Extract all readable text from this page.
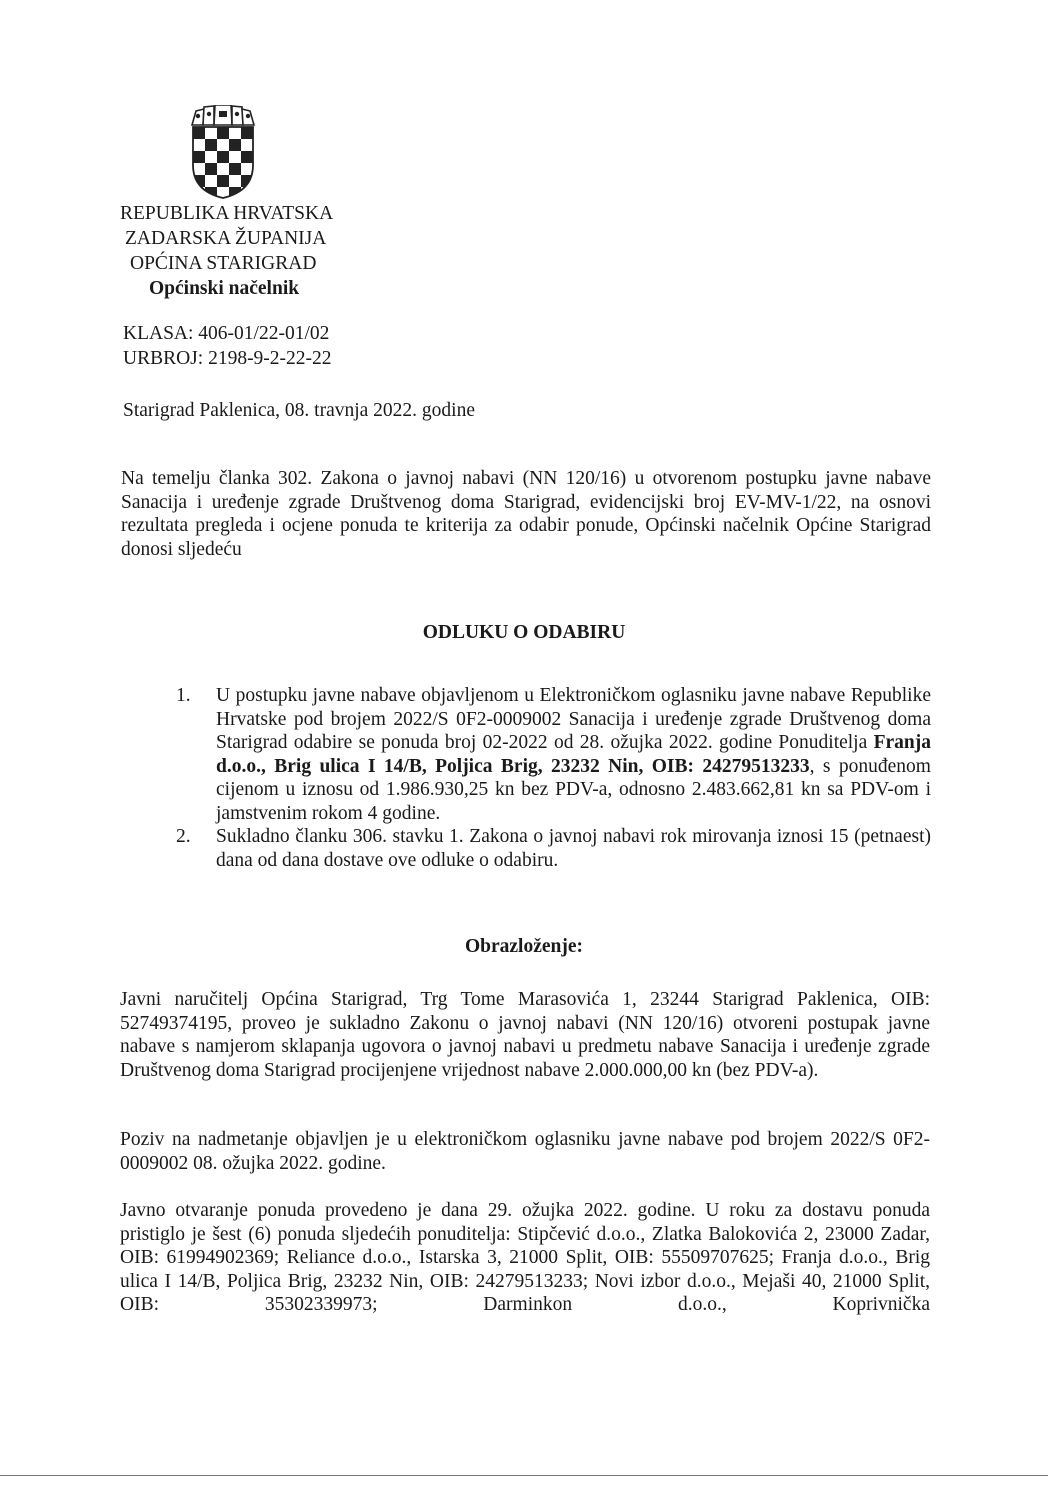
REPUBLIKA HRVATSKA
ZADARSKA ŽUPANIJA
OPĆINA STARIGRAD
Općinski načelnik
KLASA: 406-01/22-01/02
URBROJ: 2198-9-2-22-22
Starigrad Paklenica, 08. travnja 2022. godine
Na temelju članka 302. Zakona o javnoj nabavi (NN 120/16) u otvorenom postupku javne nabave Sanacija i uređenje zgrade Društvenog doma Starigrad, evidencijski broj EV-MV-1/22, na osnovi rezultata pregleda i ocjene ponuda te kriterija za odabir ponude, Općinski načelnik Općine Starigrad donosi sljedeću
ODLUKU O ODABIRU
1. U postupku javne nabave objavljenom u Elektroničkom oglasniku javne nabave Republike Hrvatske pod brojem 2022/S 0F2-0009002 Sanacija i uređenje zgrade Društvenog doma Starigrad odabire se ponuda broj 02-2022 od 28. ožujka 2022. godine Ponuditelja Franja d.o.o., Brig ulica I 14/B, Poljica Brig, 23232 Nin, OIB: 24279513233, s ponuđenom cijenom u iznosu od 1.986.930,25 kn bez PDV-a, odnosno 2.483.662,81 kn sa PDV-om i jamstvenim rokom 4 godine.
2. Sukladno članku 306. stavku 1. Zakona o javnoj nabavi rok mirovanja iznosi 15 (petnaest) dana od dana dostave ove odluke o odabiru.
Obrazloženje:
Javni naručitelj Općina Starigrad, Trg Tome Marasovića 1, 23244 Starigrad Paklenica, OIB: 52749374195, proveo je sukladno Zakonu o javnoj nabavi (NN 120/16) otvoreni postupak javne nabave s namjerom sklapanja ugovora o javnoj nabavi u predmetu nabave Sanacija i uređenje zgrade Društvenog doma Starigrad procijenjene vrijednost nabave 2.000.000,00 kn (bez PDV-a).
Poziv na nadmetanje objavljen je u elektroničkom oglasniku javne nabave pod brojem 2022/S 0F2-0009002 08. ožujka 2022. godine.
Javno otvaranje ponuda provedeno je dana 29. ožujka 2022. godine. U roku za dostavu ponuda pristiglo je šest (6) ponuda sljedećih ponuditelja: Stipčević d.o.o., Zlatka Balokovića 2, 23000 Zadar, OIB: 61994902369; Reliance d.o.o., Istarska 3, 21000 Split, OIB: 55509707625; Franja d.o.o., Brig ulica I 14/B, Poljica Brig, 23232 Nin, OIB: 24279513233; Novi izbor d.o.o., Mejaši 40, 21000 Split, OIB: 35302339973; Darminkon d.o.o., Koprivnička
